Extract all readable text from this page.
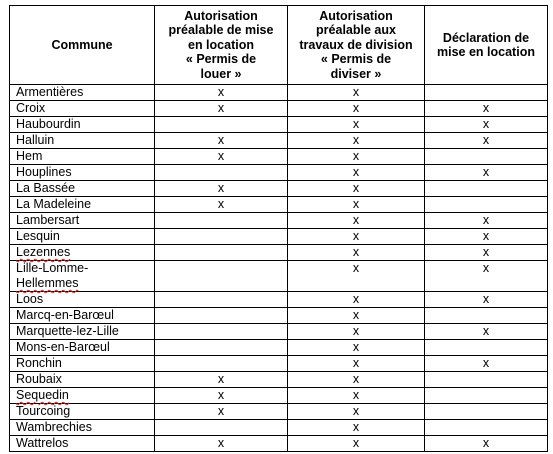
Commune	Autorisation
préalable de mise
en location
« Permis de
louer »	Autorisation
préalable aux
travaux de division
« Permis de
diviser »	Déclaration de
mise en location

Armentières	x	x	

Croix	x	x	x

Haubourdin		x	x

Halluin	x	x	x

Hem	x	x	

Houplines		x	x

La Bassée	x	x	

La Madeleine	x	x	

Lambersart		x	x

Lesquin		x	x

Lezennes		x	x

Lille-Lomme-
Hellemmes		x	x

Loos		x	x

Marcq-en-Barœul		x	

Marquette-lez-Lille		x	x

Mons-en-Barœul		x	

Ronchin		x	x

Roubaix	x	x	

Sequedin	x	x	

Tourcoing	x	x	

Wambrechies		x	

Wattrelos	x	x	x
